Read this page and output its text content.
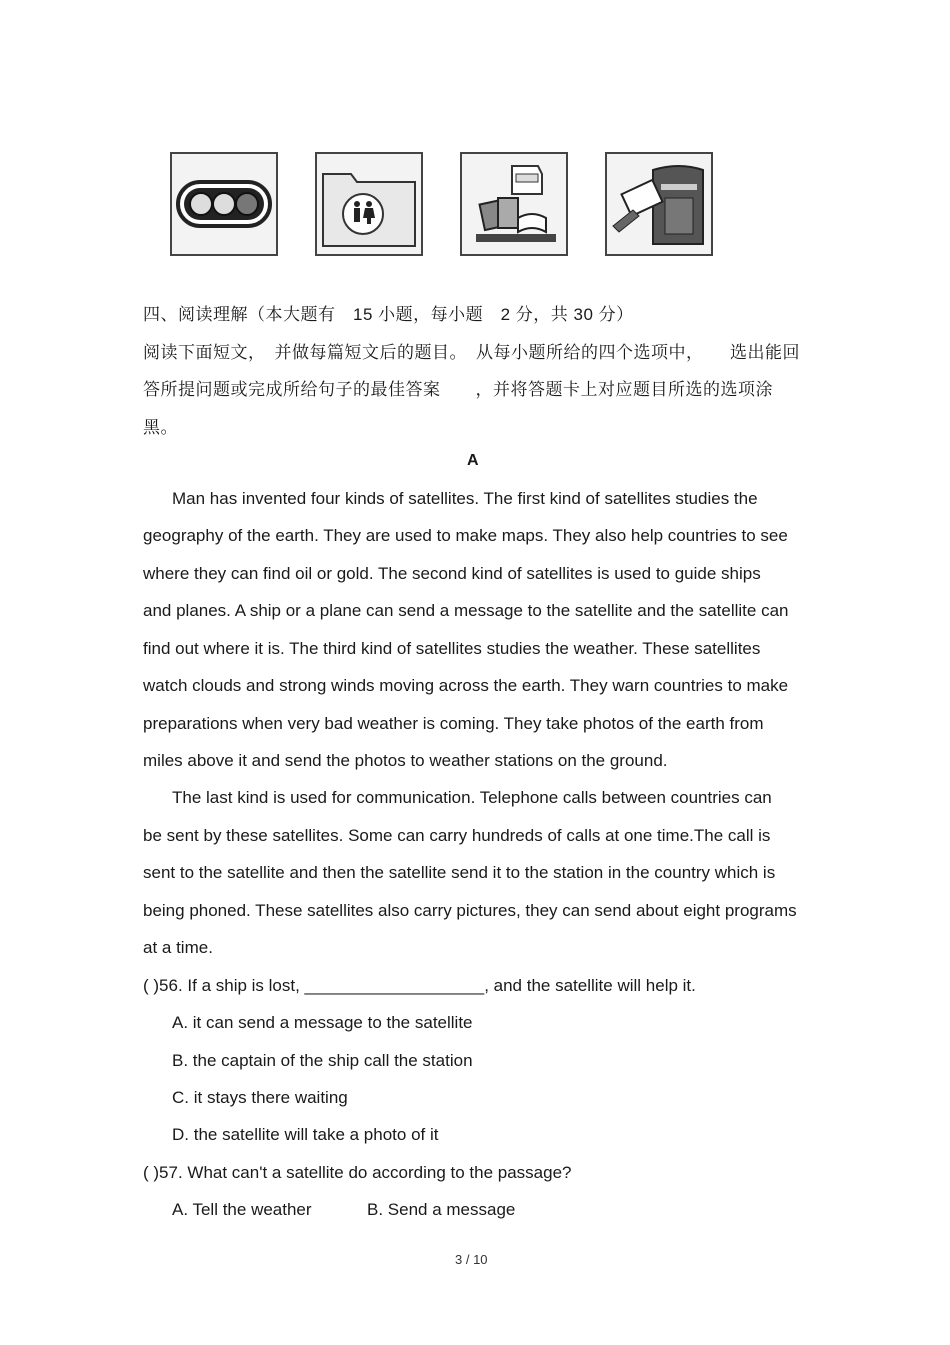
四、阅读理解（本大题有　15 小题，每小题　2 分，共 30 分）
阅读下面短文，　并做每篇短文后的题目。　从每小题所给的四个选项中，　　选出能回
答所提问题或完成所给句子的最佳答案　　，并将答题卡上对应题目所选的选项涂
黑。
A
Man has invented four kinds of satellites. The first kind of satellites studies the
geography of the earth. They are used to make maps. They also help countries to see
where they can find oil or gold. The second kind of satellites is used to guide ships
and planes. A ship or a plane can send a message to the satellite and the satellite can
find out where it is. The third kind of satellites studies the weather. These satellites
watch clouds and strong winds moving across the earth. They warn countries to make
preparations when very bad weather is coming. They take photos of the earth from
miles above it and send the photos to weather stations on the ground.
The last kind is used for communication. Telephone calls between countries can
be sent by these satellites. Some can carry hundreds of calls at one time.The call is
sent to the satellite and then the satellite send it to the station in the country which is
being phoned. These satellites also carry pictures, they can send about eight programs
at a time.
( )56. If a ship is lost, ___________________, and the satellite will help it.
A. it can send a message to the satellite
B. the captain of the ship call the station
C. it stays there waiting
D. the satellite will take a photo of it
( )57. What can't a satellite do according to the passage?
A. Tell the weather	B. Send a message
3 / 10
